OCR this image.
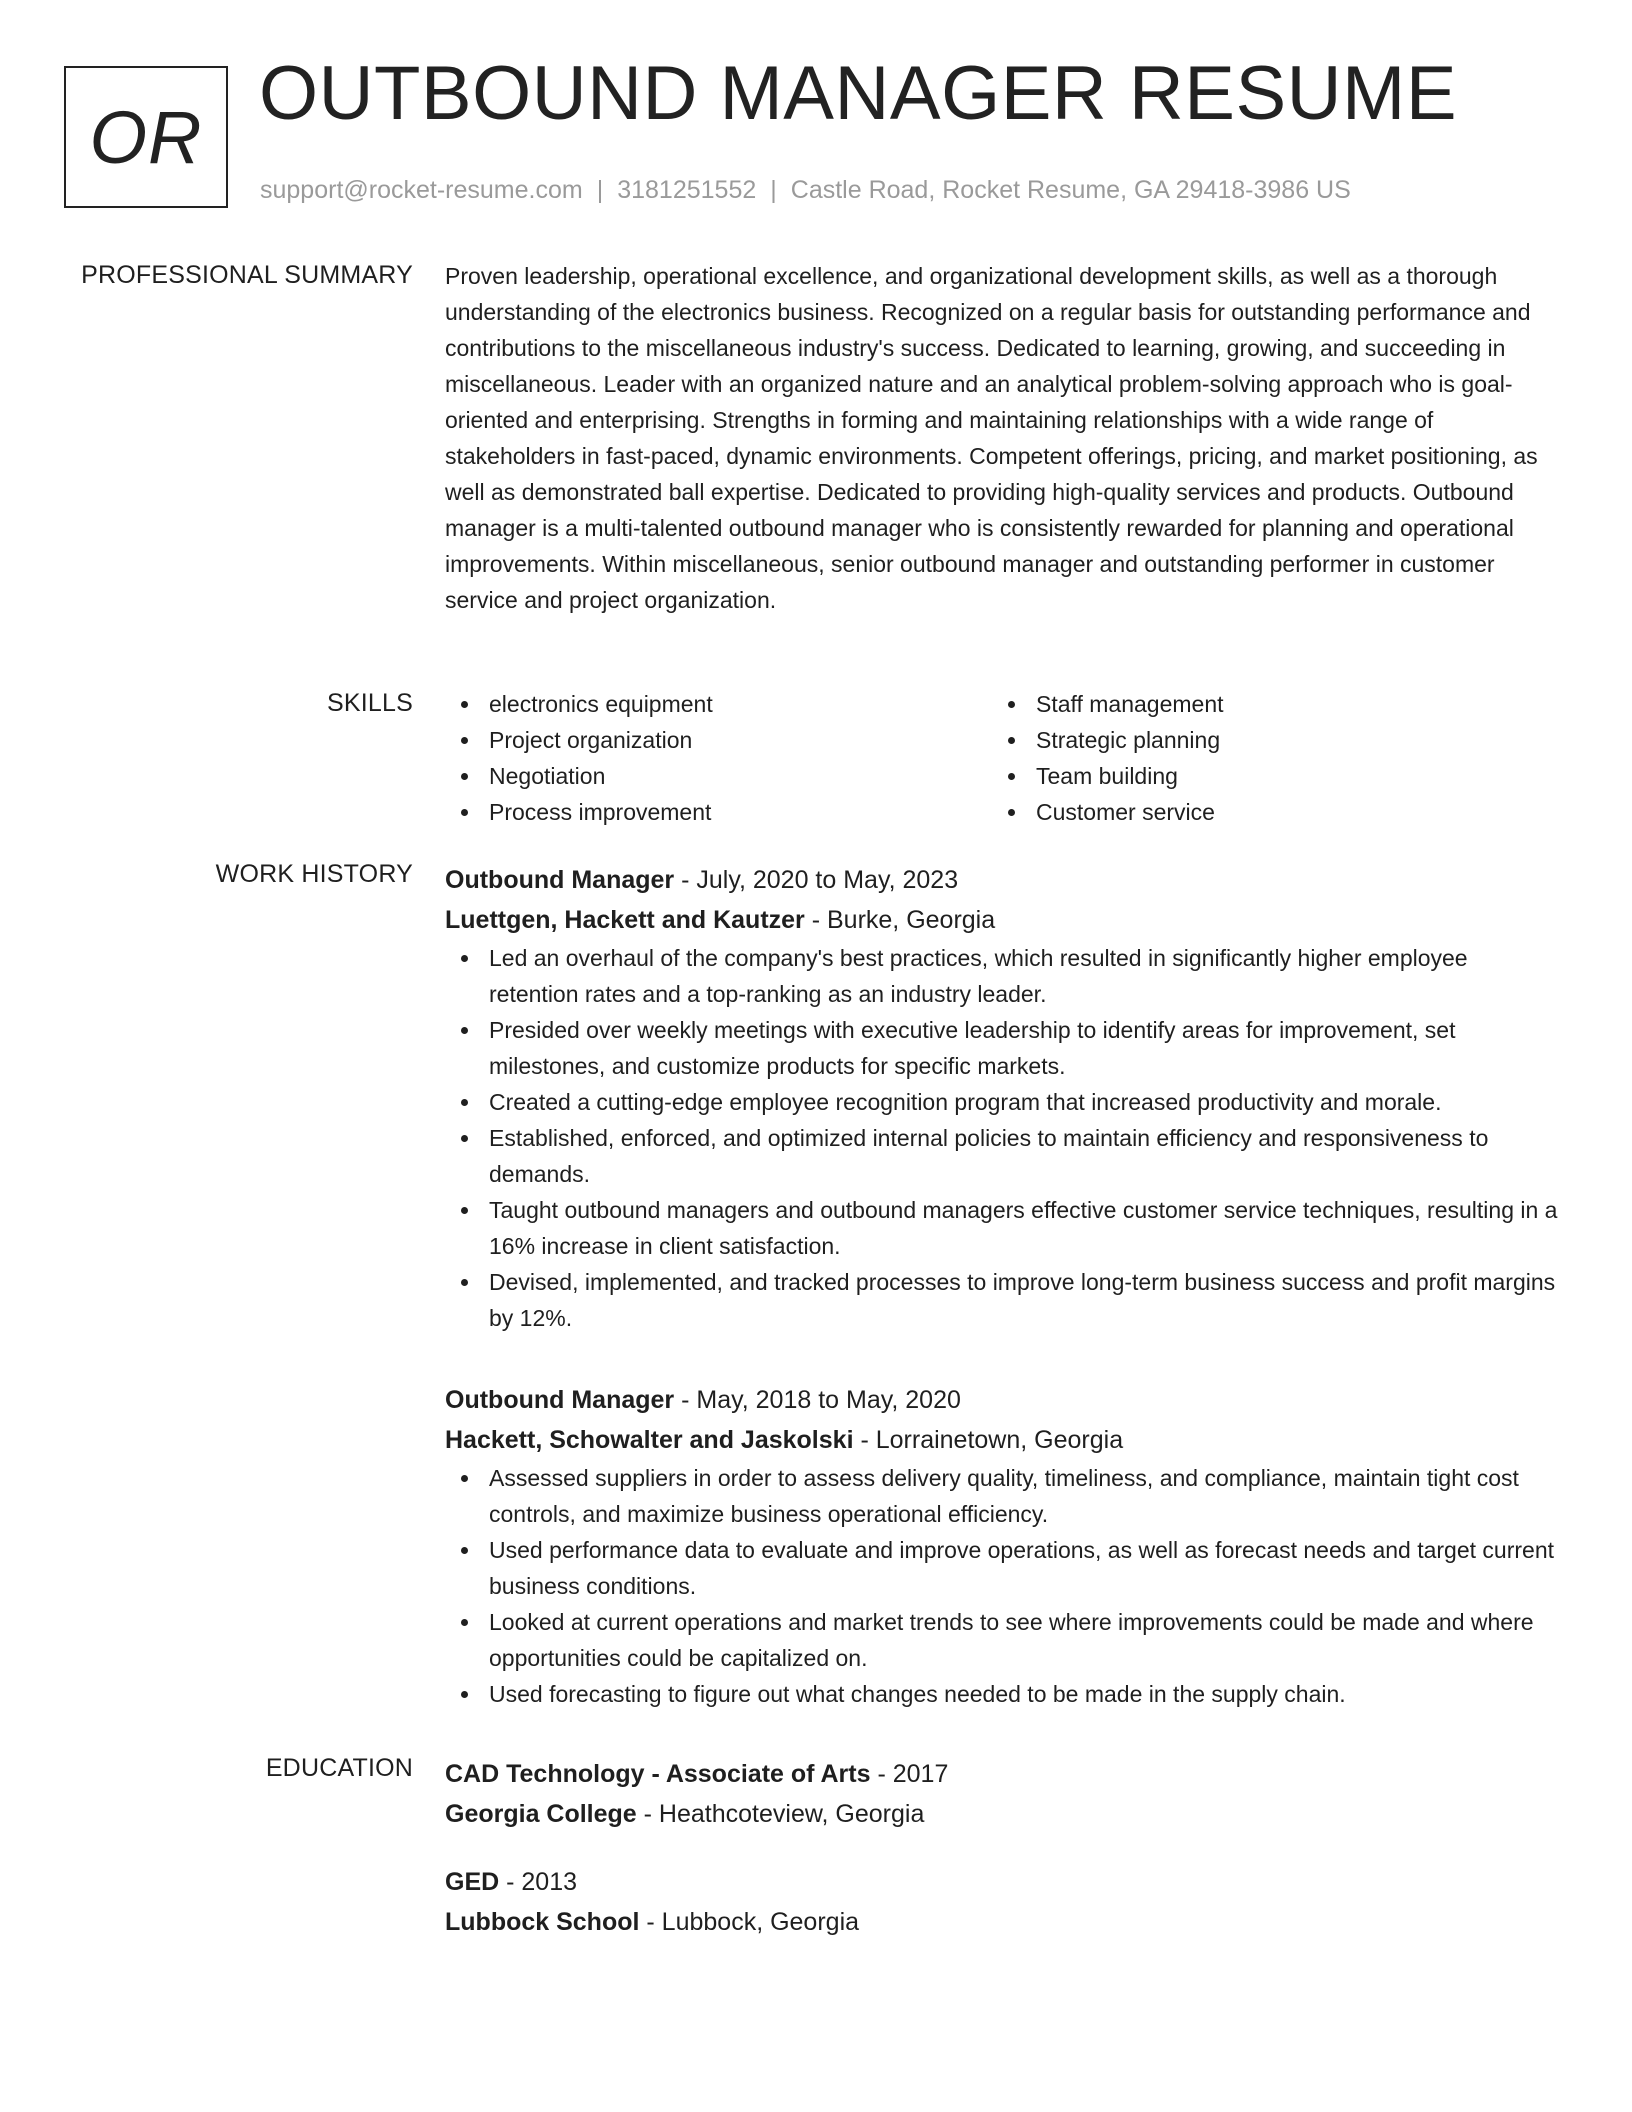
OR
OUTBOUND MANAGER RESUME
support@rocket-resume.com | 3181251552 | Castle Road, Rocket Resume, GA 29418-3986 US
PROFESSIONAL SUMMARY Proven leadership, operational excellence, and organizational development skills, as well as a thorough understanding of the electronics business. Recognized on a regular basis for outstanding performance and contributions to the miscellaneous industry's success. Dedicated to learning, growing, and succeeding in miscellaneous. Leader with an organized nature and an analytical problem-solving approach who is goal-oriented and enterprising. Strengths in forming and maintaining relationships with a wide range of stakeholders in fast-paced, dynamic environments. Competent offerings, pricing, and market positioning, as well as demonstrated ball expertise. Dedicated to providing high-quality services and products. Outbound manager is a multi-talented outbound manager who is consistently rewarded for planning and operational improvements. Within miscellaneous, senior outbound manager and outstanding performer in customer service and project organization.

SKILLS	electronics equipment
Project organization
Negotiation
Process improvement
Staff management
Strategic planning
Team building
Customer service
WORK HISTORY Outbound Manager - July, 2020 to May, 2023
Luettgen, Hackett and Kautzer - Burke, Georgia
Led an overhaul of the company's best practices, which resulted in significantly higher employee retention rates and a top-ranking as an industry leader.
Presided over weekly meetings with executive leadership to identify areas for improvement, set milestones, and customize products for specific markets.
Created a cutting-edge employee recognition program that increased productivity and morale.
Established, enforced, and optimized internal policies to maintain efficiency and responsiveness to demands.
Taught outbound managers and outbound managers effective customer service techniques, resulting in a 16% increase in client satisfaction.
Devised, implemented, and tracked processes to improve long-term business success and profit margins by 12%.
Outbound Manager - May, 2018 to May, 2020
Hackett, Schowalter and Jaskolski - Lorrainetown, Georgia
Assessed suppliers in order to assess delivery quality, timeliness, and compliance, maintain tight cost controls, and maximize business operational efficiency.
Used performance data to evaluate and improve operations, as well as forecast needs and target current business conditions.
Looked at current operations and market trends to see where improvements could be made and where opportunities could be capitalized on.
Used forecasting to figure out what changes needed to be made in the supply chain.
EDUCATION CAD Technology - Associate of Arts - 2017
Georgia College - Heathcoteview, Georgia
GED - 2013
Lubbock School - Lubbock, Georgia
